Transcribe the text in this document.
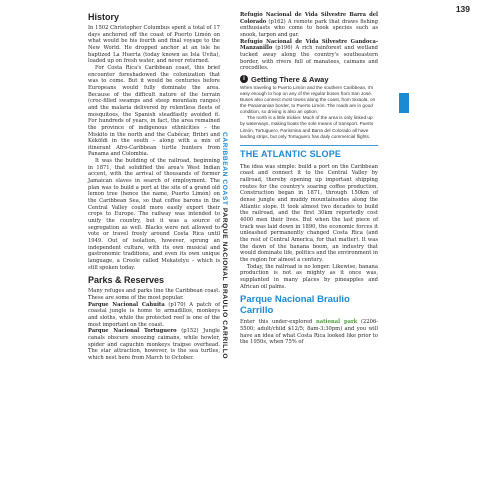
139
History

In 1502 Christopher Columbus spent a total of 17 days anchored off the coast of Puerto Limón on what would be his fourth and final voyage to the New World. He dropped anchor at an isle he baptized La Huerta (today known as Isla Uvita), loaded up on fresh water, and never returned.

For Costa Rica's Caribbean coast, this brief encounter foreshadowed the colonization that was to come. But it would be centuries before Europeans would fully dominate the area. Because of the difficult nature of the terrain (croc-filled swamps and steep mountain ranges) and the malaria delivered by relentless fleets of mosquitoes, the Spanish steadfastly avoided it. For hundreds of years, in fact, the area remained the province of indigenous ethnicities – the Miskito in the north and the Cabécar, Bribri and Kèköldi in the south – along with a mix of itinerant Afro-Caribbean turtle hunters from Panama and Colombia.

It was the building of the railroad, beginning in 1871, that solidified the area's West Indian accent, with the arrival of thousands of former Jamaican slaves in search of employment. The plan was to build a port at the site of a grand old lemon tree (hence the name, Puerto Limón) on the Caribbean Sea, so that coffee barons in the Central Valley could more easily export their crops to Europe. The railway was intended to unify the country, but it was a source of segregation as well. Blacks were not allowed to vote or travel freely around Costa Rica until 1949. Out of isolation, however, sprung an independent culture, with its own musical and gastronomic traditions, and even its own unique language, a Creole called Mekatelyu – which is still spoken today.

Parks & Reserves

Many refuges and parks line the Caribbean coast. These are some of the most popular.

Parque Nacional Cahuita (p170) A patch of coastal jungle is home to armadillos, monkeys and sloths, while the protected reef is one of the most important on the coast.

Parque Nacional Tortuguero (p152) Jungle canals obscure snoozing caimans, while howler, spider and capuchin monkeys traipse overhead. The star attraction, however, is the sea turtles, which nest here from March to October.

Refugio Nacional de Vida Silvestre Barra del Colorado (p162) A remote park that draws fishing enthusiasts who come to hook species such as snook, tarpon and gar.

Refugio Nacional de Vida Silvestre Gandoca-Manzanillo (p196) A rich rainforest and wetland tucked away along the country's southeastern border, with rivers full of manatees, caimans and crocodiles.

i Getting There & Away

When traveling to Puerto Limón and the southern Caribbean, it's easy enough to hop on any of the regular buses from San José. Buses also connect most towns along the coast, from Sixaola, on the Panamanian border, to Puerto Limón. The roads are in good condition, so driving is also an option.

The north is a little trickier. Much of the area is only linked up by waterways, making boats the sole means of transport. Puerto Limón, Tortuguero, Parismina and Barra del Colorado all have landing strips, but only Tortuguero has daily commercial flights.

THE ATLANTIC SLOPE

The idea was simple: build a port on the Caribbean coast and connect it to the Central Valley by railroad, thereby opening up important shipping routes for the country's soaring coffee production. Construction began in 1871, through 150km of dense jungle and muddy mountainsides along the Atlantic slope. It took almost two decades to build the railroad, and the first 30km reportedly cost 4000 men their lives. But when the last piece of track was laid down in 1890, the economic forces it unleashed permanently changed Costa Rica (and the rest of Central America, for that matter). It was the dawn of the banana boom, an industry that would dominate life, politics and the environment in the region for almost a century.

Today, the railroad is no longer. Likewise, banana production is not as mighty as it once was, supplanted in many places by pineapples and African oil palms.

Parque Nacional Braulio Carrillo

Enter this under-explored national park (2206-5500; adult/child $12/5; 8am-3:30pm) and you will have an idea of what Costa Rica looked like prior to the 1950s, when 75% of

CARIBBEAN COAST PARQUE NACIONAL BRAULIO CARRILLO
